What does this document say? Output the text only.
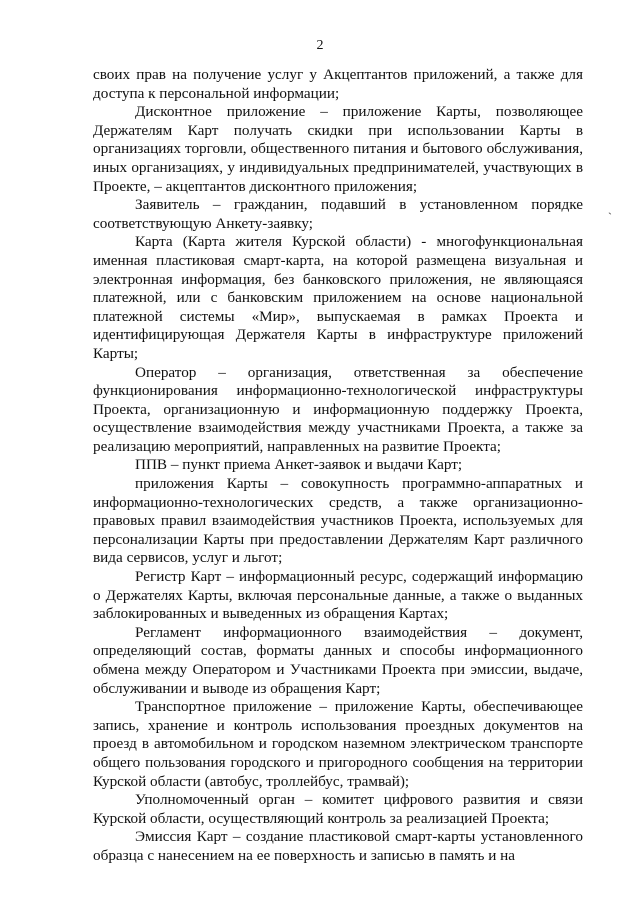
2
`

своих прав на получение услуг у Акцептантов приложений, а также для доступа к персональной информации;

Дисконтное приложение – приложение Карты, позволяющее Держателям Карт получать скидки при использовании Карты в организациях торговли, общественного питания и бытового обслуживания, иных организациях, у индивидуальных предпринимателей, участвующих в Проекте, – акцептантов дисконтного приложения;

Заявитель – гражданин, подавший в установленном порядке соответствующую Анкету-заявку;

Карта (Карта жителя Курской области) - многофункциональная именная пластиковая смарт-карта, на которой размещена визуальная и электронная информация, без банковского приложения, не являющаяся платежной, или с банковским приложением на основе национальной платежной системы «Мир», выпускаемая в рамках Проекта и идентифицирующая Держателя Карты в инфраструктуре приложений Карты;

Оператор – организация, ответственная за обеспечение функционирования информационно-технологической инфраструктуры Проекта, организационную и информационную поддержку Проекта, осуществление взаимодействия между участниками Проекта, а также за реализацию мероприятий, направленных на развитие Проекта;

ППВ – пункт приема Анкет-заявок и выдачи Карт;

приложения Карты – совокупность программно-аппаратных и информационно-технологических средств, а также организационно-правовых правил взаимодействия участников Проекта, используемых для персонализации Карты при предоставлении Держателям Карт различного вида сервисов, услуг и льгот;

Регистр Карт – информационный ресурс, содержащий информацию о Держателях Карты, включая персональные данные, а также о выданных заблокированных и выведенных из обращения Картах;

Регламент информационного взаимодействия – документ, определяющий состав, форматы данных и способы информационного обмена между Оператором и Участниками Проекта при эмиссии, выдаче, обслуживании и выводе из обращения Карт;

Транспортное приложение – приложение Карты, обеспечивающее запись, хранение и контроль использования проездных документов на проезд в автомобильном и городском наземном электрическом транспорте общего пользования городского и пригородного сообщения на территории Курской области (автобус, троллейбус, трамвай);

Уполномоченный орган – комитет цифрового развития и связи Курской области, осуществляющий контроль за реализацией Проекта;

Эмиссия Карт – создание пластиковой смарт-карты установленного образца с нанесением на ее поверхность и записью в память и на
